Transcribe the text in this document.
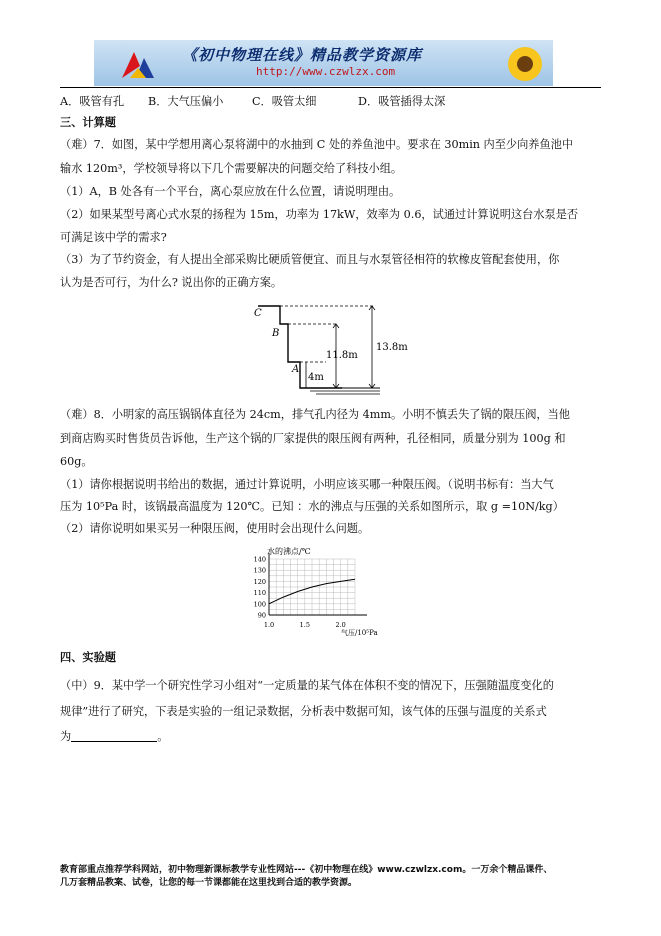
《初中物理在线》精品教学资源库
http://www.czwlzx.com
A．吸管有孔 B．大气压偏小	C．吸管太细	D．吸管插得太深
三、计算题
（难）7．如图，某中学想用离心泵将湖中的水抽到 C 处的养鱼池中。要求在 30min 内至少向养鱼池中
输水 120m³，学校领导将以下几个需要解决的问题交给了科技小组。
（1）A，B 处各有一个平台，离心泵应放在什么位置，请说明理由。
（2）如果某型号离心式水泵的扬程为 15m，功率为 17kW，效率为 0.6，试通过计算说明这台水泵是否
可满足该中学的需求?
（3）为了节约资金，有人提出全部采购比硬质管便宜、而且与水泵管径相符的软橡皮管配套使用，你
认为是否可行，为什么? 说出你的正确方案。
C
B
A
4m
11.8m
13.8m
（难）8．小明家的高压锅锅体直径为 24cm，排气孔内径为 4mm。小明不慎丢失了锅的限压阀，当他
到商店购买时售货员告诉他，生产这个锅的厂家提供的限压阀有两种，孔径相同，质量分别为 100g 和
60g。
（1）请你根据说明书给出的数据，通过计算说明，小明应该买哪一种限压阀。（说明书标有：当大气
压为 10⁵Pa 时，该锅最高温度为 120℃。已知 ：水的沸点与压强的关系如图所示，取 g =10N/kg）
（2）请你说明如果买另一种限压阀，使用时会出现什么问题。
90
100
110
120
130
140
1.0	1.5	2.0
水的沸点/℃
气压/10⁵Pa
四、实验题
（中）9．某中学一个研究性学习小组对“一定质量的某气体在体积不变的情况下，压强随温度变化的
规律”进行了研究，下表是实验的一组记录数据，分析表中数据可知，该气体的压强与温度的关系式
为	。
教育部重点推荐学科网站，初中物理新课标教学专业性网站---《初中物理在线》www.czwlzx.com。一万余个精品课件、
几万套精品教案、试卷，让您的每一节课都能在这里找到合适的教学资源。
